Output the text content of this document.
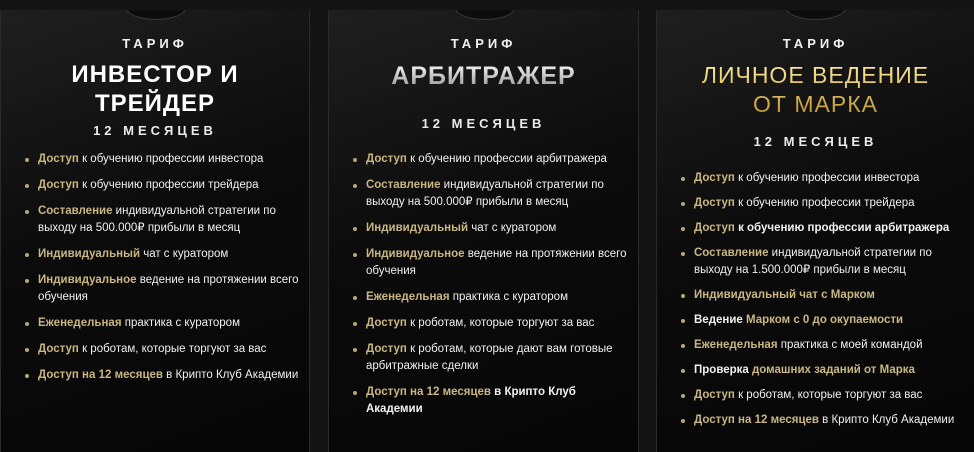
ТАРИФ
ИНВЕСТОР И
ТРЕЙДЕР
12 МЕСЯЦЕВ
Доступ к обучению профессии инвестора
Доступ к обучению профессии трейдера
Составление индивидуальной стратегии по выходу на 500.000₽ прибыли в месяц
Индивидуальный чат с куратором
Индивидуальное ведение на протяжении всего обучения
Еженедельная практика с куратором
Доступ к роботам, которые торгуют за вас
Доступ на 12 месяцев в Крипто Клуб Академии
ТАРИФ
АРБИТРАЖЕР
12 МЕСЯЦЕВ
Доступ к обучению профессии арбитражера
Составление индивидуальной стратегии по выходу на 500.000₽ прибыли в месяц
Индивидуальный чат с куратором
Индивидуальное ведение на протяжении всего обучения
Еженедельная практика с куратором
Доступ к роботам, которые торгуют за вас
Доступ к роботам, которые дают вам готовые арбитражные сделки
Доступ на 12 месяцев в Крипто Клуб Академии
ТАРИФ
ЛИЧНОЕ ВЕДЕНИЕ
ОТ МАРКА
12 МЕСЯЦЕВ
Доступ к обучению профессии инвестора
Доступ к обучению профессии трейдера
Доступ к обучению профессии арбитражера
Составление индивидуальной стратегии по выходу на 1.500.000₽ прибыли в месяц
Индивидуальный чат с Марком
Ведение Марком с 0 до окупаемости
Еженедельная практика с моей командой
Проверка домашних заданий от Марка
Доступ к роботам, которые торгуют за вас
Доступ на 12 месяцев в Крипто Клуб Академии
